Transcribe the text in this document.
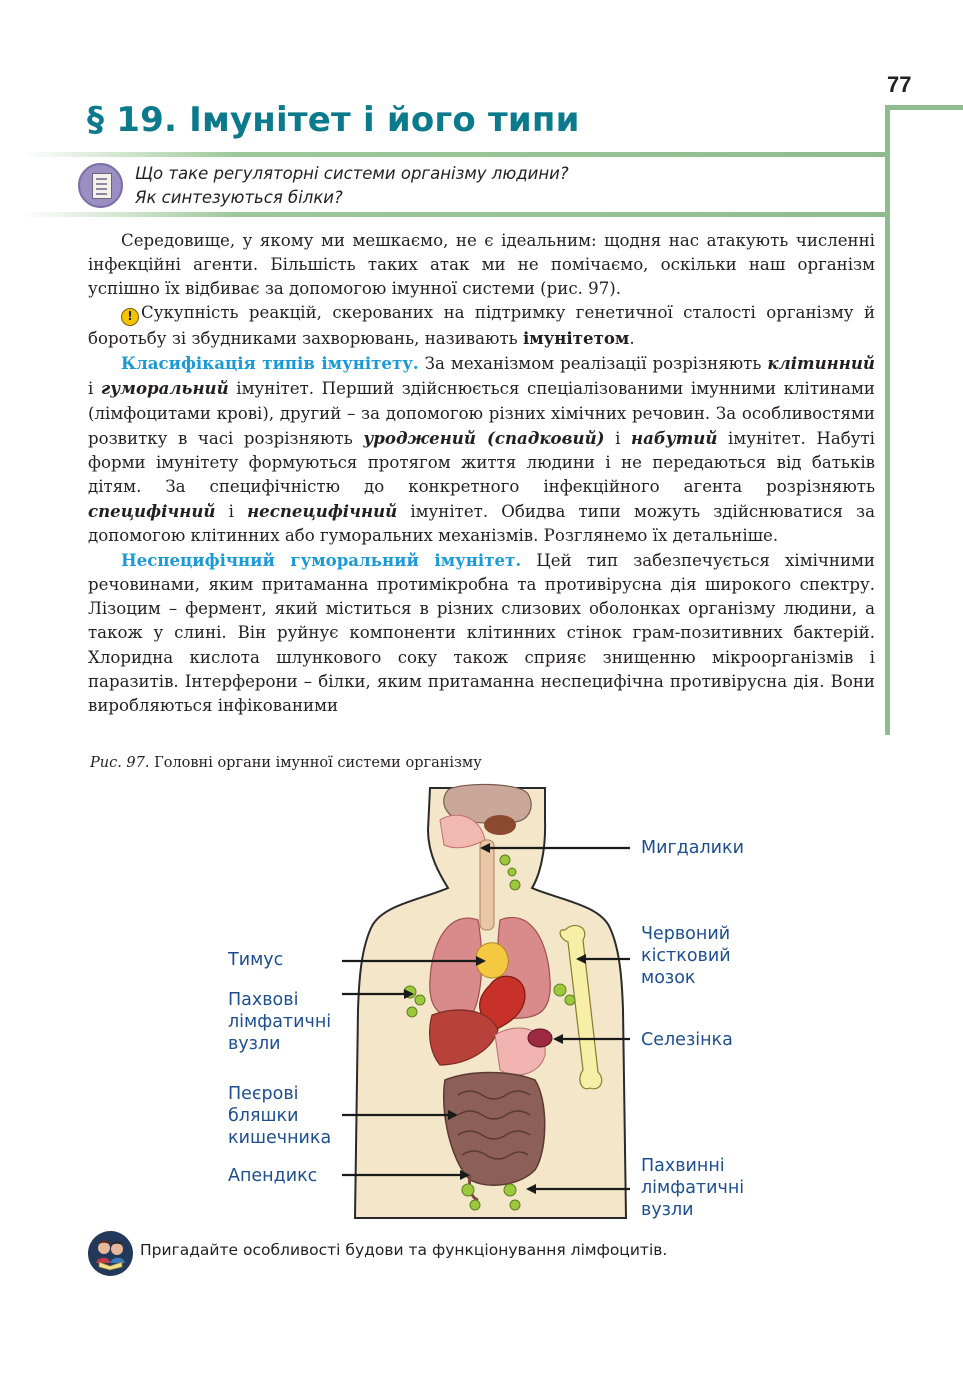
77
§ 19. Імунітет і його типи
Що таке регуляторні системи організму людини?
Як синтезуються білки?

Середовище, у якому ми мешкаємо, не є ідеальним: щодня нас атакують численні інфекційні агенти. Більшість таких атак ми не помічаємо, оскільки наш організм успішно їх відбиває за допомогою імунної системи (рис. 97).

! Сукупність реакцій, скерованих на підтримку генетичної сталості організму й боротьбу зі збудниками захворювань, називають імунітетом.

Класифікація типів імунітету. За механізмом реалізації розрізняють клітинний і гуморальний імунітет. Перший здійснюється спеціалізованими імунними клітинами (лімфоцитами крові), другий – за допомогою різних хімічних речовин. За особливостями розвитку в часі розрізняють уроджений (спадковий) і набутий імунітет. Набуті форми імунітету формуються протягом життя людини і не передаються від батьків дітям. За специфічністю до конкретного інфекційного агента розрізняють специфічний і неспецифічний імунітет. Обидва типи можуть здійснюватися за допомогою клітинних або гуморальних механізмів. Розглянемо їх детальніше.

Неспецифічний гуморальний імунітет. Цей тип забезпечується хімічними речовинами, яким притаманна протимікробна та противірусна дія широкого спектру. Лізоцим – фермент, який міститься в різних слизових оболонках організму людини, а також у слині. Він руйнує компоненти клітинних стінок грам-позитивних бактерій. Хлоридна кислота шлункового соку також сприяє знищенню мікроорганізмів і паразитів. Інтерферони – білки, яким притаманна неспецифічна противірусна дія. Вони виробляються інфікованими

Рис. 97. Головні органи імунної системи організму
Мигдалики
Червоний
кістковий
мозок
Селезінка
Пахвинні
лімфатичні
вузли
Тимус
Пахвові
лімфатичні
вузли
Пеєрові
бляшки
кишечника
Апендикс
Пригадайте особливості будови та функціонування лімфоцитів.
